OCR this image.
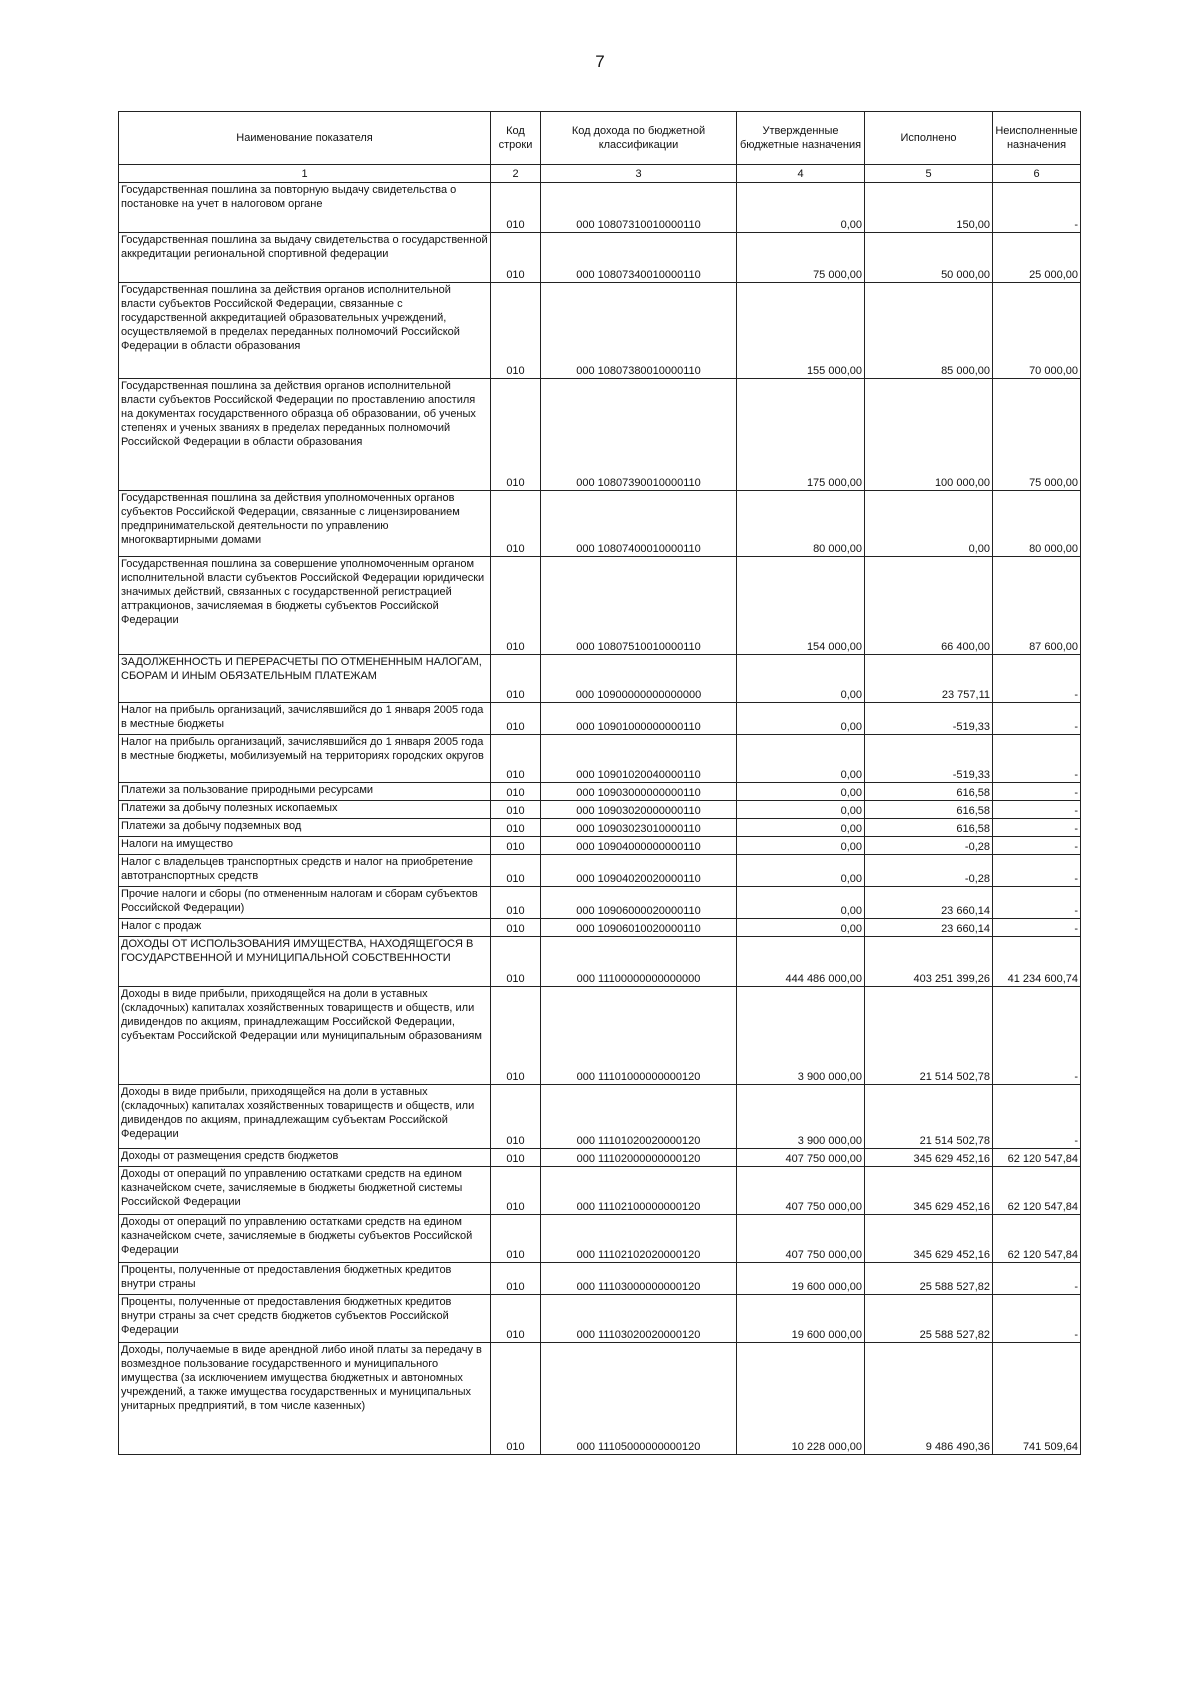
7
Наименование показателя	Код строки	Код дохода по бюджетной классификации	Утвержденные бюджетные назначения	Исполнено	Неисполненные назначения
1	2	3	4	5	6
Государственная пошлина за повторную выдачу свидетельства о постановке на учет в налоговом органе	010	000 10807310010000110	0,00	150,00	-
Государственная пошлина за выдачу свидетельства о государственной аккредитации региональной спортивной федерации	010	000 10807340010000110	75 000,00	50 000,00	25 000,00
Государственная пошлина за действия органов исполнительной власти субъектов Российской Федерации, связанные с государственной аккредитацией образовательных учреждений, осуществляемой в пределах переданных полномочий Российской Федерации в области образования	010	000 10807380010000110	155 000,00	85 000,00	70 000,00
Государственная пошлина за действия органов исполнительной власти субъектов Российской Федерации по проставлению апостиля на документах государственного образца об образовании, об ученых степенях и ученых званиях в пределах переданных полномочий Российской Федерации в области образования	010	000 10807390010000110	175 000,00	100 000,00	75 000,00
Государственная пошлина за действия уполномоченных органов субъектов Российской Федерации, связанные с лицензированием предпринимательской деятельности по управлению многоквартирными домами	010	000 10807400010000110	80 000,00	0,00	80 000,00
Государственная пошлина за совершение уполномоченным органом исполнительной власти субъектов Российской Федерации юридически значимых действий, связанных с государственной регистрацией аттракционов, зачисляемая в бюджеты субъектов Российской Федерации	010	000 10807510010000110	154 000,00	66 400,00	87 600,00
ЗАДОЛЖЕННОСТЬ И ПЕРЕРАСЧЕТЫ ПО ОТМЕНЕННЫМ НАЛОГАМ, СБОРАМ И ИНЫМ ОБЯЗАТЕЛЬНЫМ ПЛАТЕЖАМ	010	000 10900000000000000	0,00	23 757,11	-
Налог на прибыль организаций, зачислявшийся до 1 января 2005 года в местные бюджеты	010	000 10901000000000110	0,00	-519,33	-
Налог на прибыль организаций, зачислявшийся до 1 января 2005 года в местные бюджеты, мобилизуемый на территориях городских округов	010	000 10901020040000110	0,00	-519,33	-
Платежи за пользование природными ресурсами	010	000 10903000000000110	0,00	616,58	-
Платежи за добычу полезных ископаемых	010	000 10903020000000110	0,00	616,58	-
Платежи за добычу подземных вод	010	000 10903023010000110	0,00	616,58	-
Налоги на имущество	010	000 10904000000000110	0,00	-0,28	-
Налог с владельцев транспортных средств и налог на приобретение автотранспортных средств	010	000 10904020020000110	0,00	-0,28	-
Прочие налоги и сборы (по отмененным налогам и сборам субъектов Российской Федерации)	010	000 10906000020000110	0,00	23 660,14	-
Налог с продаж	010	000 10906010020000110	0,00	23 660,14	-
ДОХОДЫ ОТ ИСПОЛЬЗОВАНИЯ ИМУЩЕСТВА, НАХОДЯЩЕГОСЯ В ГОСУДАРСТВЕННОЙ И МУНИЦИПАЛЬНОЙ СОБСТВЕННОСТИ	010	000 11100000000000000	444 486 000,00	403 251 399,26	41 234 600,74
Доходы в виде прибыли, приходящейся на доли в уставных (складочных) капиталах хозяйственных товариществ и обществ, или дивидендов по акциям, принадлежащим Российской Федерации, субъектам Российской Федерации или муниципальным образованиям	010	000 11101000000000120	3 900 000,00	21 514 502,78	-
Доходы в виде прибыли, приходящейся на доли в уставных (складочных) капиталах хозяйственных товариществ и обществ, или дивидендов по акциям, принадлежащим субъектам Российской Федерации	010	000 11101020020000120	3 900 000,00	21 514 502,78	-
Доходы от размещения средств бюджетов	010	000 11102000000000120	407 750 000,00	345 629 452,16	62 120 547,84
Доходы от операций по управлению остатками средств на едином казначейском счете, зачисляемые в бюджеты бюджетной системы Российской Федерации	010	000 11102100000000120	407 750 000,00	345 629 452,16	62 120 547,84
Доходы от операций по управлению остатками средств на едином казначейском счете, зачисляемые в бюджеты субъектов Российской Федерации	010	000 11102102020000120	407 750 000,00	345 629 452,16	62 120 547,84
Проценты, полученные от предоставления бюджетных кредитов внутри страны	010	000 11103000000000120	19 600 000,00	25 588 527,82	-
Проценты, полученные от предоставления бюджетных кредитов внутри страны за счет средств бюджетов субъектов Российской Федерации	010	000 11103020020000120	19 600 000,00	25 588 527,82	-
Доходы, получаемые в виде арендной либо иной платы за передачу в возмездное пользование государственного и муниципального имущества (за исключением имущества бюджетных и автономных учреждений, а также имущества государственных и муниципальных унитарных предприятий, в том числе казенных)	010	000 11105000000000120	10 228 000,00	9 486 490,36	741 509,64
